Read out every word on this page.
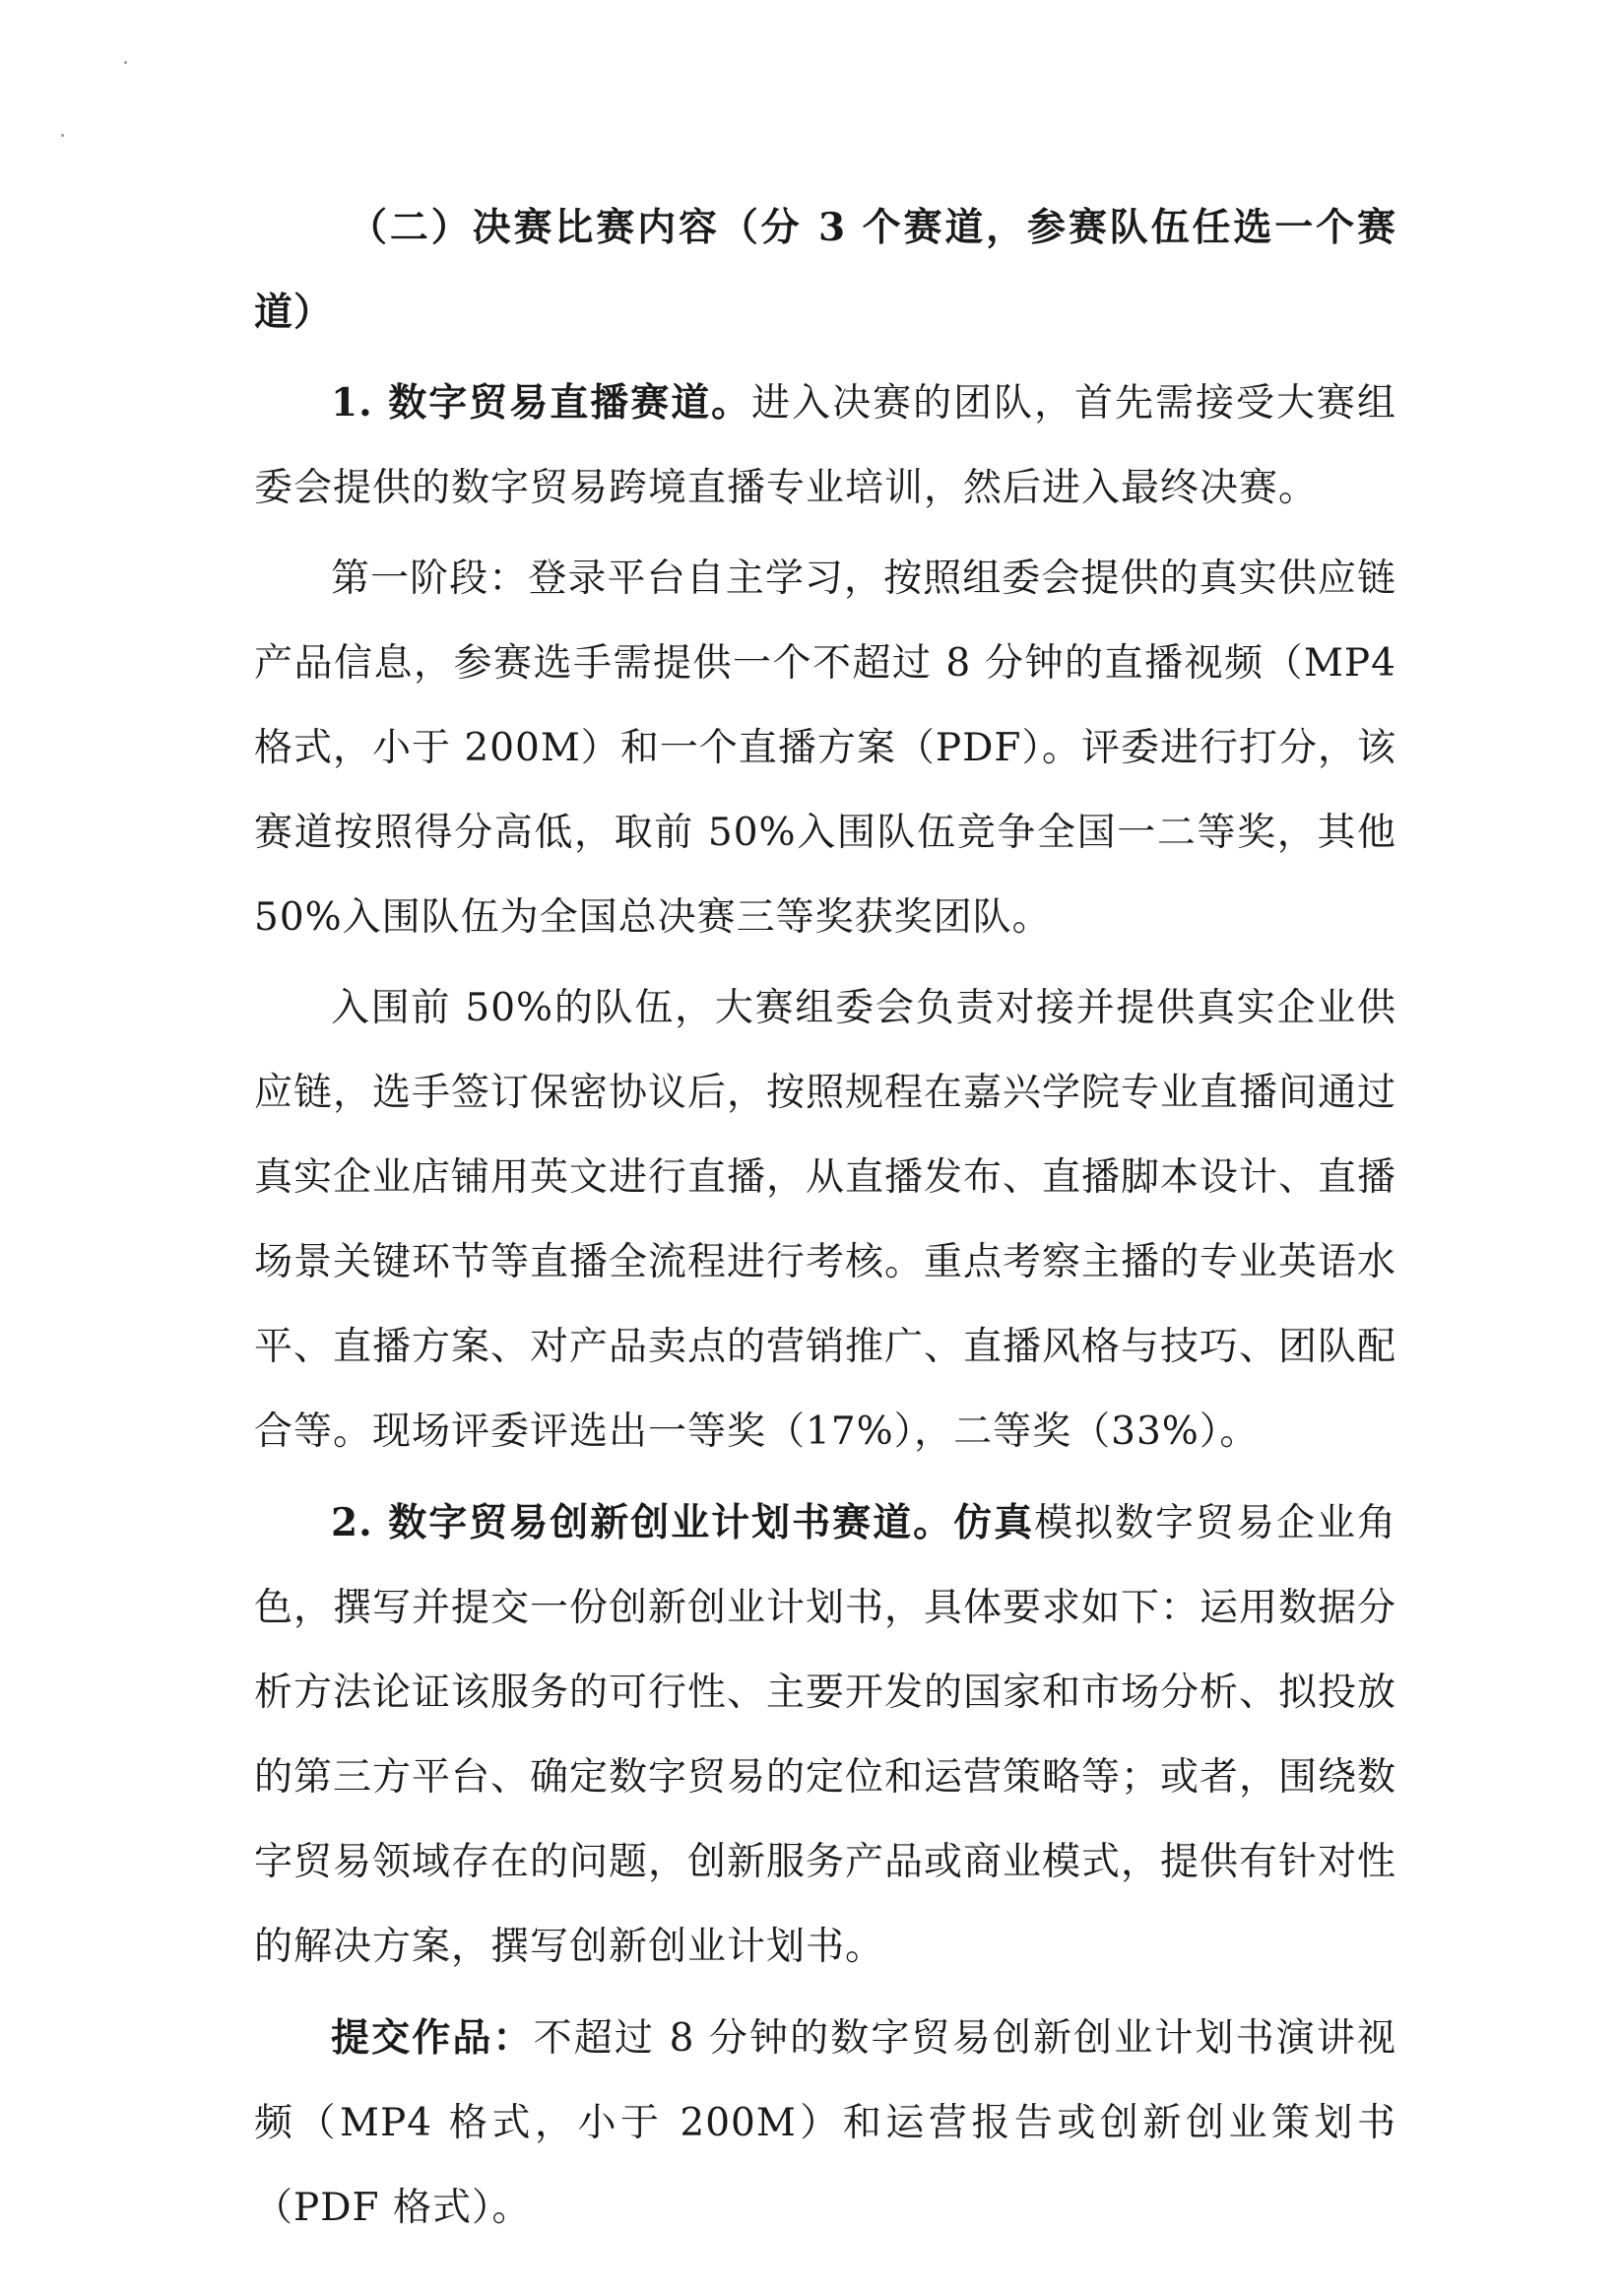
（二）决赛比赛内容（分 3 个赛道，参赛队伍任选一个赛道）

1. 数字贸易直播赛道。进入决赛的团队，首先需接受大赛组委会提供的数字贸易跨境直播专业培训，然后进入最终决赛。

第一阶段：登录平台自主学习，按照组委会提供的真实供应链产品信息，参赛选手需提供一个不超过 8 分钟的直播视频（MP4 格式，小于 200M）和一个直播方案（PDF）。评委进行打分，该赛道按照得分高低，取前 50%入围队伍竞争全国一二等奖，其他 50%入围队伍为全国总决赛三等奖获奖团队。

入围前 50%的队伍，大赛组委会负责对接并提供真实企业供应链，选手签订保密协议后，按照规程在嘉兴学院专业直播间通过真实企业店铺用英文进行直播，从直播发布、直播脚本设计、直播场景关键环节等直播全流程进行考核。重点考察主播的专业英语水平、直播方案、对产品卖点的营销推广、直播风格与技巧、团队配合等。现场评委评选出一等奖（17%），二等奖（33%）。

2. 数字贸易创新创业计划书赛道。仿真模拟数字贸易企业角色，撰写并提交一份创新创业计划书，具体要求如下：运用数据分析方法论证该服务的可行性、主要开发的国家和市场分析、拟投放的第三方平台、确定数字贸易的定位和运营策略等；或者，围绕数字贸易领域存在的问题，创新服务产品或商业模式，提供有针对性的解决方案，撰写创新创业计划书。

提交作品：不超过 8 分钟的数字贸易创新创业计划书演讲视频（MP4 格式，小于 200M）和运营报告或创新创业策划书（PDF 格式）。
